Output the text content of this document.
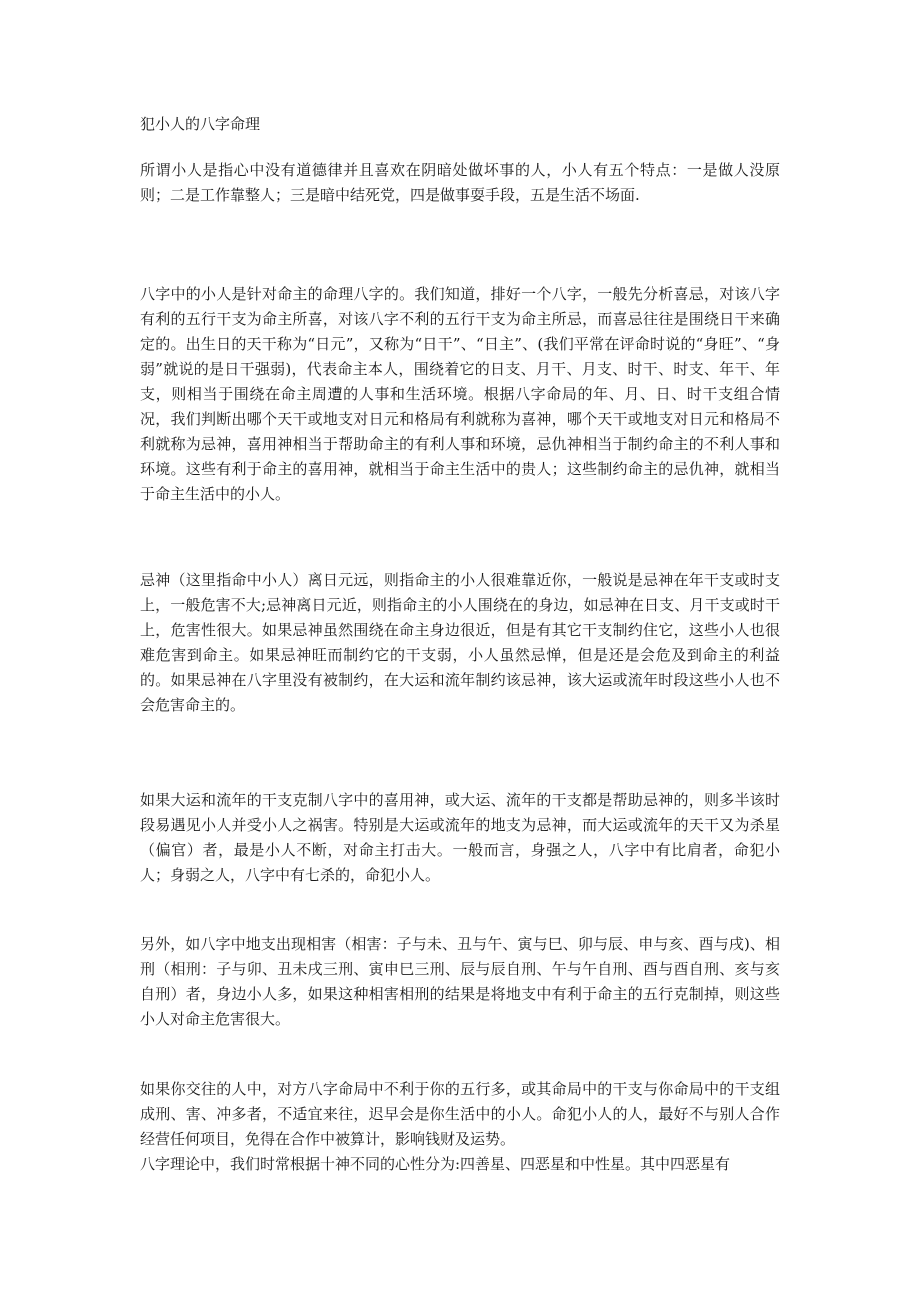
犯小人的八字命理

所谓小人是指心中没有道德律并且喜欢在阴暗处做坏事的人，小人有五个特点：一是做人没原则；二是工作靠整人；三是暗中结死党，四是做事耍手段，五是生活不场面.

八字中的小人是针对命主的命理八字的。我们知道，排好一个八字，一般先分析喜忌，对该八字有利的五行干支为命主所喜，对该八字不利的五行干支为命主所忌，而喜忌往往是围绕日干来确定的。出生日的天干称为“日元”，又称为“日干”、“日主”、(我们平常在评命时说的“身旺”、“身弱”就说的是日干强弱)，代表命主本人，围绕着它的日支、月干、月支、时干、时支、年干、年支，则相当于围绕在命主周遭的人事和生活环境。根据八字命局的年、月、日、时干支组合情况，我们判断出哪个天干或地支对日元和格局有利就称为喜神，哪个天干或地支对日元和格局不利就称为忌神，喜用神相当于帮助命主的有利人事和环境，忌仇神相当于制约命主的不利人事和环境。这些有利于命主的喜用神，就相当于命主生活中的贵人；这些制约命主的忌仇神，就相当于命主生活中的小人。

忌神（这里指命中小人）离日元远，则指命主的小人很难靠近你，一般说是忌神在年干支或时支上，一般危害不大;忌神离日元近，则指命主的小人围绕在的身边，如忌神在日支、月干支或时干上，危害性很大。如果忌神虽然围绕在命主身边很近，但是有其它干支制约住它，这些小人也很难危害到命主。如果忌神旺而制约它的干支弱，小人虽然忌惮，但是还是会危及到命主的利益的。如果忌神在八字里没有被制约，在大运和流年制约该忌神，该大运或流年时段这些小人也不会危害命主的。

如果大运和流年的干支克制八字中的喜用神，或大运、流年的干支都是帮助忌神的，则多半该时段易遇见小人并受小人之祸害。特别是大运或流年的地支为忌神，而大运或流年的天干又为杀星（偏官）者，最是小人不断，对命主打击大。一般而言，身强之人，八字中有比肩者，命犯小人；身弱之人，八字中有七杀的，命犯小人。

另外，如八字中地支出现相害（相害：子与未、丑与午、寅与巳、卯与辰、申与亥、酉与戌)、相刑（相刑：子与卯、丑未戌三刑、寅申巳三刑、辰与辰自刑、午与午自刑、酉与酉自刑、亥与亥自刑）者，身边小人多，如果这种相害相刑的结果是将地支中有利于命主的五行克制掉，则这些小人对命主危害很大。

如果你交往的人中，对方八字命局中不利于你的五行多，或其命局中的干支与你命局中的干支组成刑、害、冲多者，不适宜来往，迟早会是你生活中的小人。命犯小人的人，最好不与别人合作经营任何项目，免得在合作中被算计，影响钱财及运势。

八字理论中，我们时常根据十神不同的心性分为:四善星、四恶星和中性星。其中四恶星有
